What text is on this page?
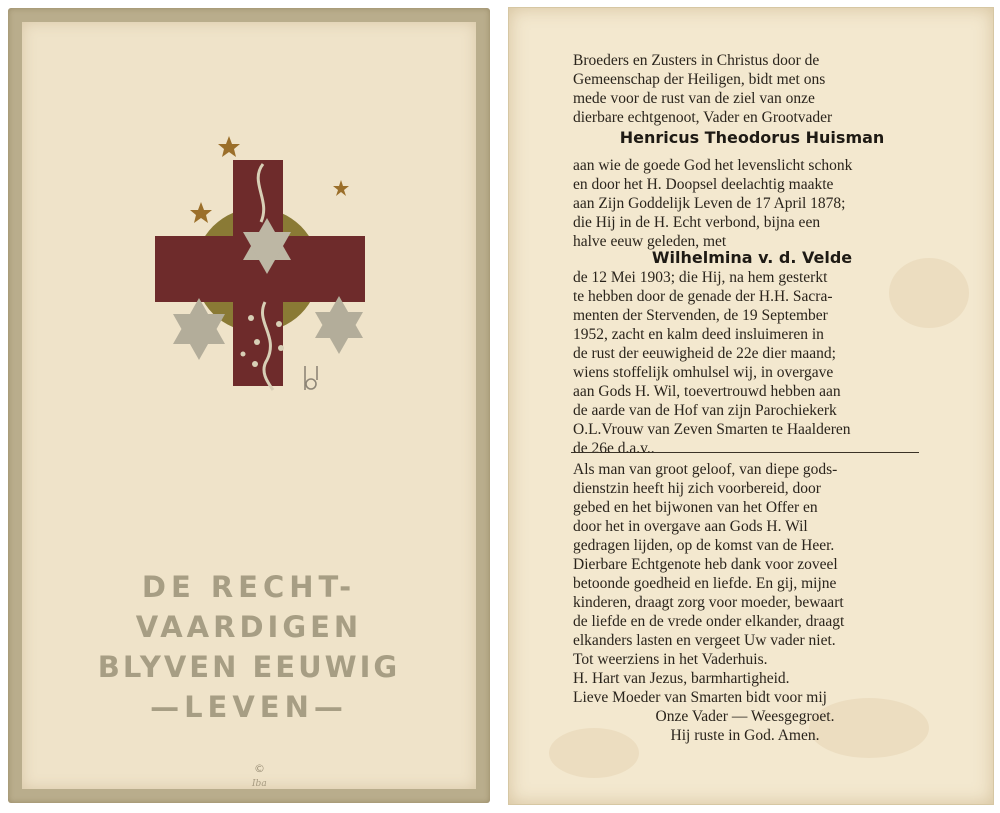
DE RECHT-
VAARDIGEN
BLYVEN EEUWIG
—LEVEN—
©
Iba
Broeders en Zusters in Christus door de
Gemeenschap der Heiligen, bidt met ons
mede voor de rust van de ziel van onze
dierbare echtgenoot, Vader en Grootvader
Henricus Theodorus Huisman
aan wie de goede God het levenslicht schonk
en door het H. Doopsel deelachtig maakte
aan Zijn Goddelijk Leven de 17 April 1878;
die Hij in de H. Echt verbond, bijna een
halve eeuw geleden, met
Wilhelmina v. d. Velde
de 12 Mei 1903; die Hij, na hem gesterkt
te hebben door de genade der H.H. Sacra-
menten der Stervenden, de 19 September
1952, zacht en kalm deed insluimeren in
de rust der eeuwigheid de 22e dier maand;
wiens stoffelijk omhulsel wij, in overgave
aan Gods H. Wil, toevertrouwd hebben aan
de aarde van de Hof van zijn Parochiekerk
O.L.Vrouw van Zeven Smarten te Haalderen
de 26e d.a.v..
Als man van groot geloof, van diepe gods-
dienstzin heeft hij zich voorbereid, door
gebed en het bijwonen van het Offer en
door het in overgave aan Gods H. Wil
gedragen lijden, op de komst van de Heer.
Dierbare Echtgenote heb dank voor zoveel
betoonde goedheid en liefde. En gij, mijne
kinderen, draagt zorg voor moeder, bewaart
de liefde en de vrede onder elkander, draagt
elkanders lasten en vergeet Uw vader niet.
Tot weerziens in het Vaderhuis.
H. Hart van Jezus, barmhartigheid.
Lieve Moeder van Smarten bidt voor mij
Onze Vader — Weesgegroet.
Hij ruste in God. Amen.
